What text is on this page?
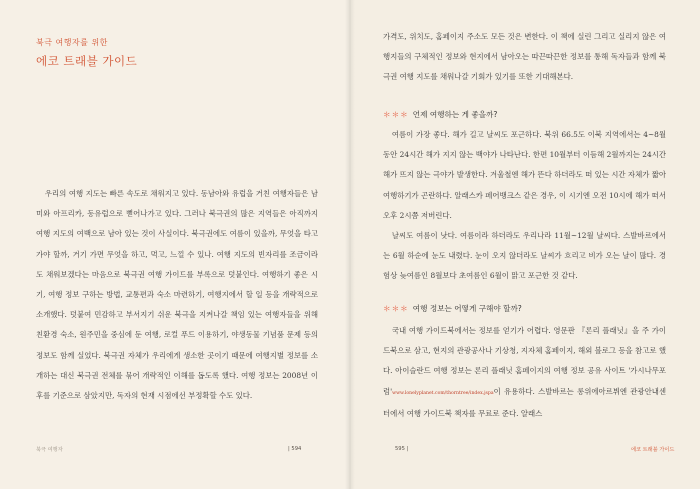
북극 여행자를 위한
에코 트래블 가이드

우리의 여행 지도는 빠른 속도로 채워지고 있다. 동남아와 유럽을 거친 여행자들은 남미와 아프리카, 동유럽으로 뻗어나가고 있다. 그러나 북극권의 많은 지역들은 아직까지 여행 지도의 여백으로 남아 있는 것이 사실이다. 북극권에도 여름이 있을까, 무엇을 타고 가야 할까, 거기 가면 무엇을 하고, 먹고, 느낄 수 있나. 여행 지도의 빈자리를 조금이라도 채워보겠다는 마음으로 북극권 여행 가이드를 부록으로 덧붙인다. 여행하기 좋은 시기, 여행 정보 구하는 방법, 교통편과 숙소 마련하기, 여행지에서 할 일 등을 개략적으로 소개했다. 덧붙여 민감하고 부서지기 쉬운 북극을 지켜나갈 책임 있는 여행자들을 위해 친환경 숙소, 원주민을 중심에 둔 여행, 로컬 푸드 이용하기, 야생동물 기념품 문제 등의 정보도 함께 실었다. 북극권 자체가 우리에게 생소한 곳이기 때문에 여행지별 정보를 소개하는 대신 북극권 전체를 묶어 개략적인 이해를 돕도록 했다. 여행 정보는 2008년 이후를 기준으로 삼았지만, 독자의 현재 시점에선 부정확할 수도 있다.

가격도, 위치도, 홈페이지 주소도 모든 것은 변한다. 이 책에 실린 그리고 실리지 않은 여행지들의 구체적인 정보와 현지에서 남아오는 따끈따끈한 정보를 통해 독자들과 함께 북극권 여행 지도를 채워나갈 기회가 있기를 또한 기대해본다.

＊＊＊ 언제 여행하는 게 좋을까?

여름이 가장 좋다. 해가 길고 날씨도 포근하다. 북위 66.5도 이북 지역에서는 4~8월 동안 24시간 해가 지지 않는 백야가 나타난다. 한편 10월부터 이듬해 2월까지는 24시간 해가 뜨지 않는 극야가 발생한다. 겨울철엔 해가 뜬다 하더라도 떠 있는 시간 자체가 짧아 여행하기가 곤란하다. 알래스카 페어뱅크스 같은 경우, 이 시기엔 오전 10시에 해가 떠서 오후 2시쯤 저버린다.

날씨도 여름이 낫다. 여름이라 하더라도 우리나라 11월~12월 날씨다. 스발바르에서는 6월 하순에 눈도 내렸다. 눈이 오지 않더라도 날씨가 흐리고 비가 오는 날이 많다. 경험상 늦여름인 8월보다 초여름인 6월이 맑고 포근한 것 같다.

＊＊＊ 여행 정보는 어떻게 구해야 할까?

국내 여행 가이드북에서는 정보를 얻기가 어렵다. 영문판 『론리 플래닛』을 주 가이드북으로 삼고, 현지의 관광공사나 기상청, 지자체 홈페이지, 해외 블로그 등을 참고로 했다. 아이슬란드 여행 정보는 론리 플래닛 홈페이지의 여행 정보 공유 사이트 '가시나무포럼'www.lonelyplanet.com/thorntree/index.jspa이 유용하다. 스발바르는 롱위에아르뷔엔 관광안내센터에서 여행 가이드북 책자를 무료로 준다. 알래스

북극 여행자	| 594	595 |	에코 트래블 가이드
